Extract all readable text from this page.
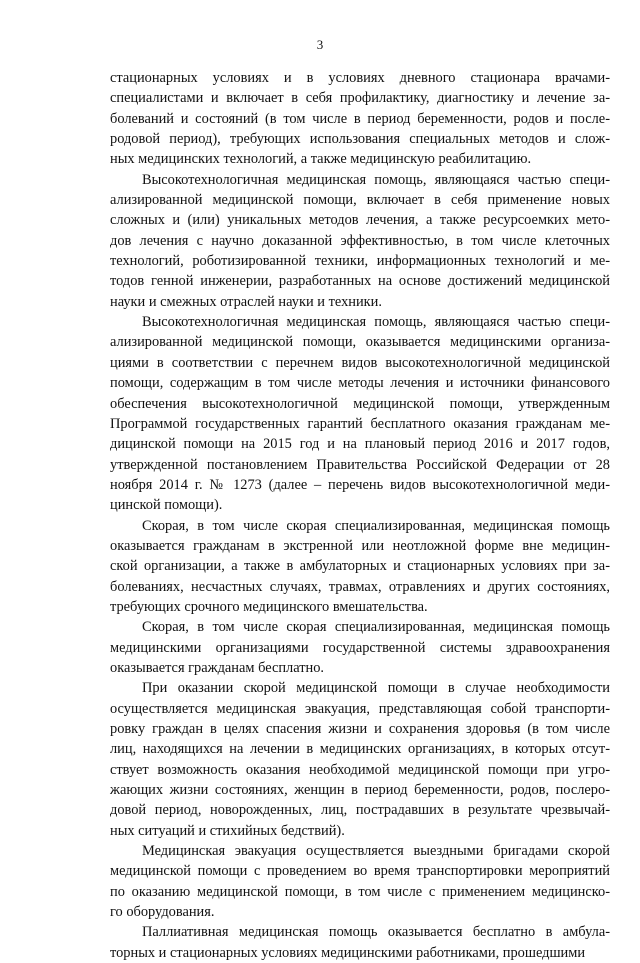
3
стационарных условиях и в условиях дневного стационара врачами-
специалистами и включает в себя профилактику, диагностику и лечение за-
болеваний и состояний (в том числе в период беременности, родов и после-
родовой период), требующих использования специальных методов и слож-
ных медицинских технологий, а также медицинскую реабилитацию.
Высокотехнологичная медицинская помощь, являющаяся частью специ-
ализированной медицинской помощи, включает в себя применение новых
сложных и (или) уникальных методов лечения, а также ресурсоемких мето-
дов лечения с научно доказанной эффективностью, в том числе клеточных
технологий, роботизированной техники, информационных технологий и ме-
тодов генной инженерии, разработанных на основе достижений медицинской
науки и смежных отраслей науки и техники.
Высокотехнологичная медицинская помощь, являющаяся частью специ-
ализированной медицинской помощи, оказывается медицинскими организа-
циями в соответствии с перечнем видов высокотехнологичной медицинской
помощи, содержащим в том числе методы лечения и источники финансового
обеспечения высокотехнологичной медицинской помощи, утвержденным
Программой государственных гарантий бесплатного оказания гражданам ме-
дицинской помощи на 2015 год и на плановый период 2016 и 2017 годов,
утвержденной постановлением Правительства Российской Федерации от 28
ноября 2014 г. № 1273 (далее – перечень видов высокотехнологичной меди-
цинской помощи).
Скорая, в том числе скорая специализированная, медицинская помощь
оказывается гражданам в экстренной или неотложной форме вне медицин-
ской организации, а также в амбулаторных и стационарных условиях при за-
болеваниях, несчастных случаях, травмах, отравлениях и других состояниях,
требующих срочного медицинского вмешательства.
Скорая, в том числе скорая специализированная, медицинская помощь
медицинскими организациями государственной системы здравоохранения
оказывается гражданам бесплатно.
При оказании скорой медицинской помощи в случае необходимости
осуществляется медицинская эвакуация, представляющая собой транспорти-
ровку граждан в целях спасения жизни и сохранения здоровья (в том числе
лиц, находящихся на лечении в медицинских организациях, в которых отсут-
ствует возможность оказания необходимой медицинской помощи при угро-
жающих жизни состояниях, женщин в период беременности, родов, послеро-
довой период, новорожденных, лиц, пострадавших в результате чрезвычай-
ных ситуаций и стихийных бедствий).
Медицинская эвакуация осуществляется выездными бригадами скорой
медицинской помощи с проведением во время транспортировки мероприятий
по оказанию медицинской помощи, в том числе с применением медицинско-
го оборудования.
Паллиативная медицинская помощь оказывается бесплатно в амбула-
торных и стационарных условиях медицинскими работниками, прошедшими
